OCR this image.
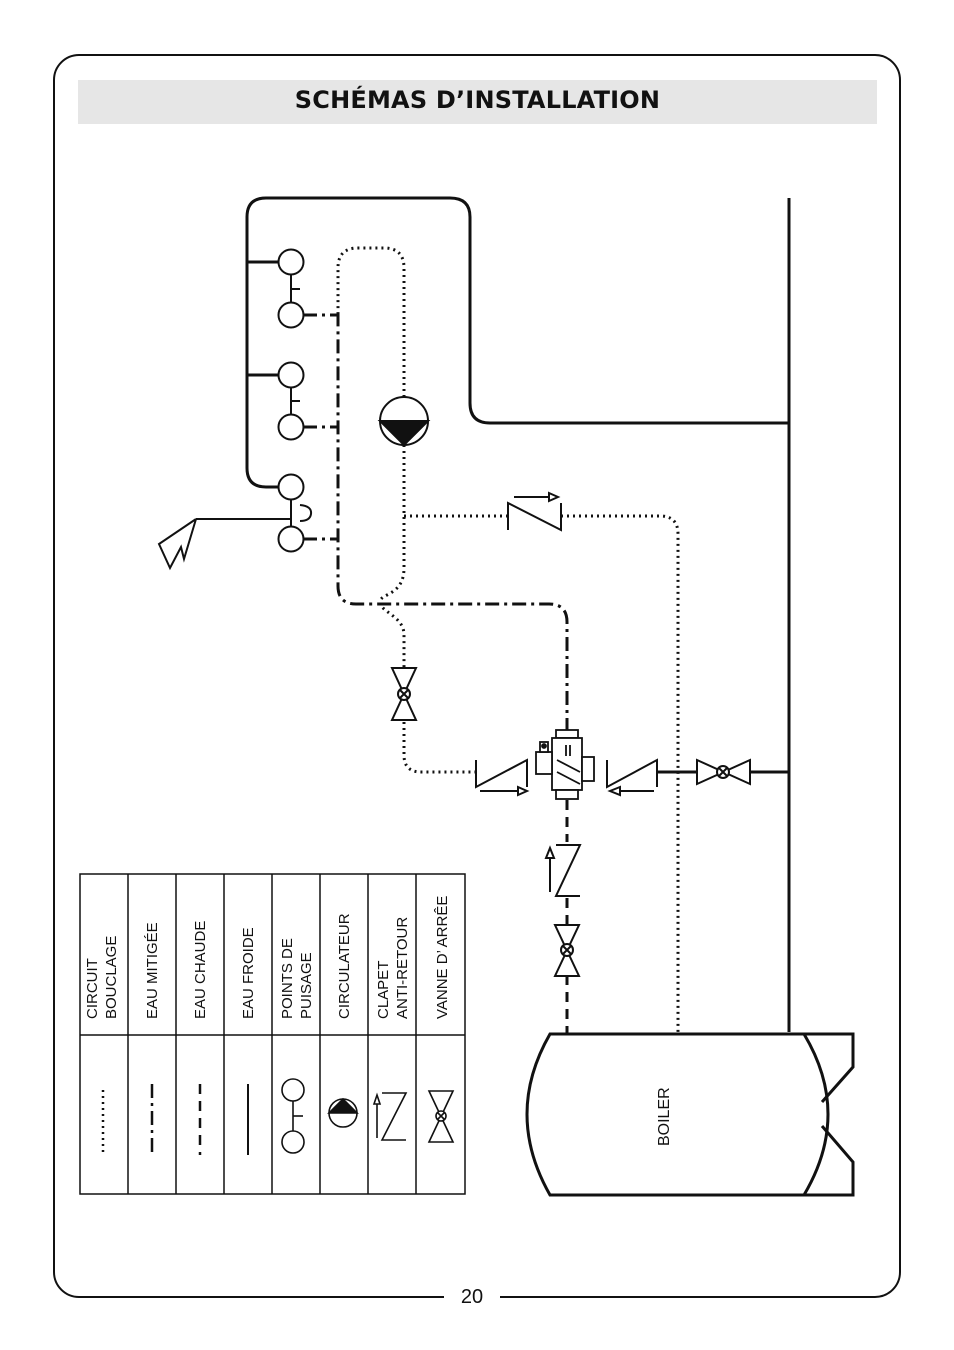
SCHÉMAS D’INSTALLATION
CIRCUIT BOUCLAGE EAU MITIGÉE EAU CHAUDE EAU FROIDE POINTS DE PUISAGE CIRCULATEUR CLAPET ANTI-RETOUR VANNE D’ ARRÊE
BOILER
20
